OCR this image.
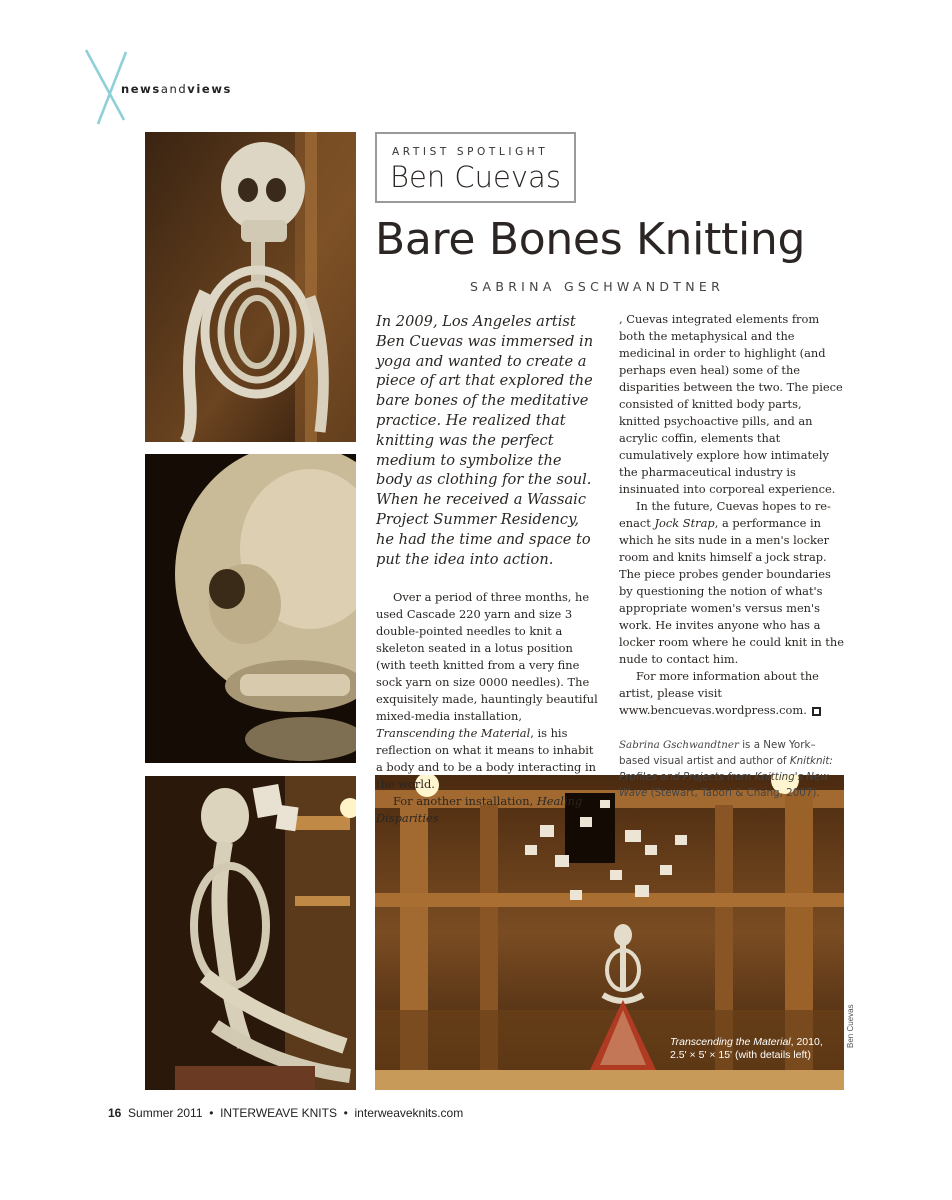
newsandviews
Transcending the Material, 2010,
2.5' × 5' × 15' (with details left)
Ben Cuevas
ARTIST SPOTLIGHT
Ben Cuevas
Bare Bones Knitting
SABRINA GSCHWANDTNER

In 2009, Los Angeles artist Ben Cuevas was immersed in yoga and wanted to create a piece of art that explored the bare bones of the meditative practice. He realized that knitting was the perfect medium to symbolize the body as clothing for the soul. When he received a Wassaic Project Summer Residency, he had the time and space to put the idea into action.

Over a period of three months, he used Cascade 220 yarn and size 3 double-pointed needles to knit a skeleton seated in a lotus position (with teeth knitted from a very fine sock yarn on size 0000 needles). The exquisitely made, hauntingly beautiful mixed-media installation, Transcending the Material, is his reflection on what it means to inhabit a body and to be a body interacting in the world.

For another installation, Healing Disparities

, Cuevas integrated elements from both the metaphysical and the medicinal in order to highlight (and perhaps even heal) some of the disparities between the two. The piece consisted of knitted body parts, knitted psychoactive pills, and an acrylic coffin, elements that cumulatively explore how intimately the pharmaceutical industry is insinuated into corporeal experience.

In the future, Cuevas hopes to re-enact Jock Strap, a performance in which he sits nude in a men's locker room and knits himself a jock strap. The piece probes gender boundaries by questioning the notion of what's appropriate women's versus men's work. He invites anyone who has a locker room where he could knit in the nude to contact him.

For more information about the artist, please visit www.bencuevas.wordpress.com.

Sabrina Gschwandtner is a New York–based visual artist and author of Knitknit: Profiles and Projects from Knitting's New Wave (Stewart, Tabori & Chang, 2007).

16 Summer 2011 • INTERWEAVE KNITS • interweaveknits.com
